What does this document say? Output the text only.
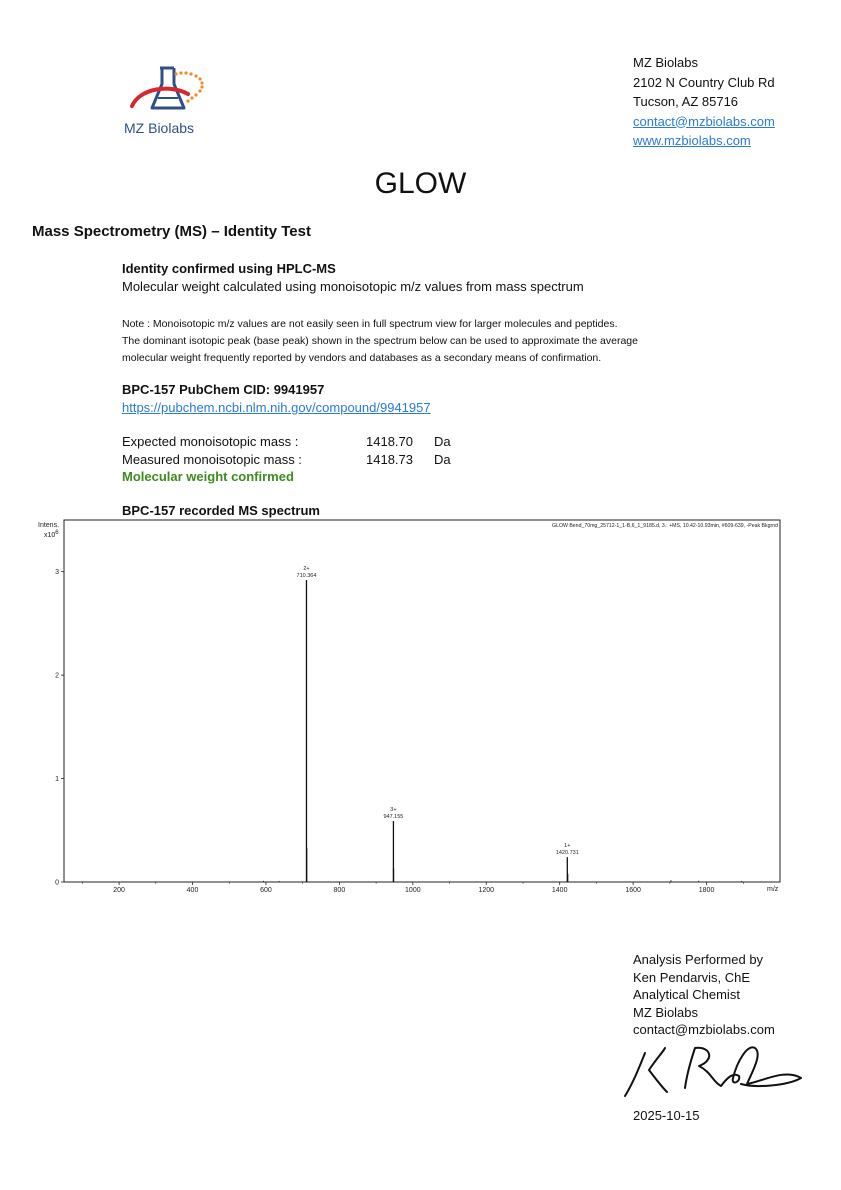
MZ Biolabs
MZ Biolabs
2102 N Country Club Rd
Tucson, AZ 85716
contact@mzbiolabs.com
www.mzbiolabs.com
GLOW
Mass Spectrometry (MS) – Identity Test
Identity confirmed using HPLC-MS
Molecular weight calculated using monoisotopic m/z values from mass spectrum
Note : Monoisotopic m/z values are not easily seen in full spectrum view for larger molecules and peptides.
The dominant isotopic peak (base peak) shown in the spectrum below can be used to approximate the average
molecular weight frequently reported by vendors and databases as a secondary means of confirmation.
BPC-157 PubChem CID: 9941957
https://pubchem.ncbi.nlm.nih.gov/compound/9941957
Expected monoisotopic mass :	1418.70 Da
Measured monoisotopic mass :	1418.73 Da
Molecular weight confirmed
BPC-157 recorded MS spectrum
GLOW Bend_70mg_25712-1_1-B,6_1_9185.d, 3.: +MS, 10.42-10.93min, #609-639, -Peak Bkgrnd
Intens.
x106
m/z
200	400	600	800	1000	1200	1400	1600	1800
0
1
2
3
2+
710.364
3+
947.155
1+
1420.731
Analysis Performed by
Ken Pendarvis, ChE
Analytical Chemist
MZ Biolabs
contact@mzbiolabs.com
2025-10-15
